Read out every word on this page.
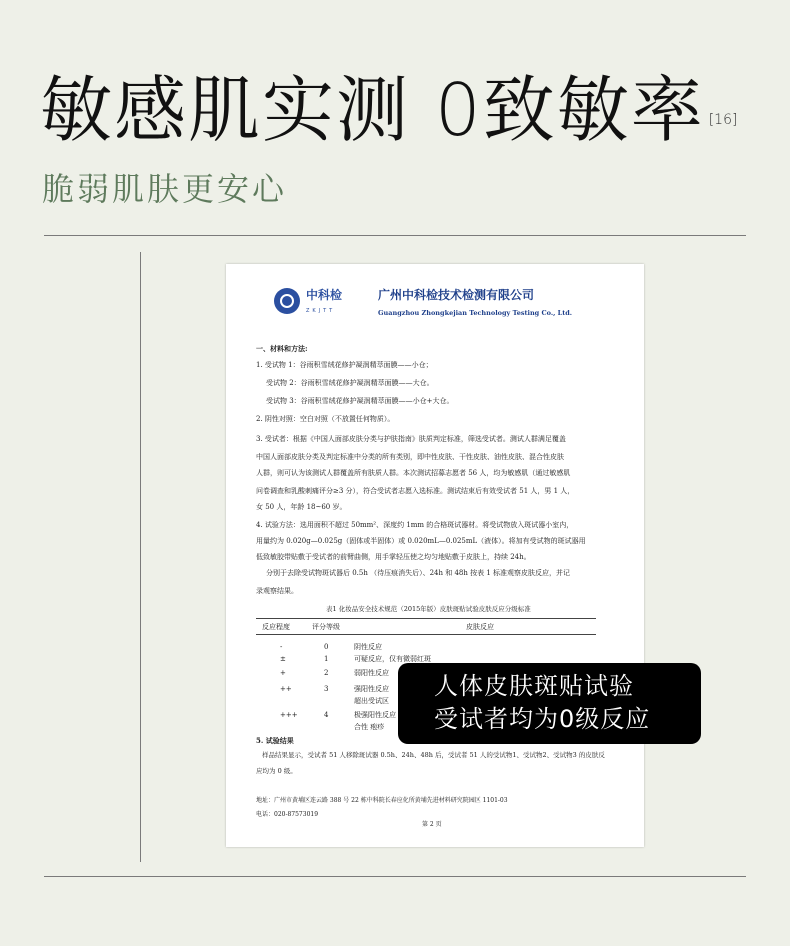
敏感肌实测 0致敏率 [16]
脆弱肌肤更安心
中科检
ZKJTT
广州中科检技术检测有限公司
Guangzhou Zhongkejian Technology Testing Co., Ltd.
一、材料和方法:
1. 受试物 1：谷雨积雪绒花修护凝润精萃面膜——小仓；
受试物 2：谷雨积雪绒花修护凝润精萃面膜——大仓。
受试物 3：谷雨积雪绒花修护凝润精萃面膜——小仓+大仓。
2. 阴性对照：空白对照（不放置任何物质）。
3. 受试者：根据《中国人面部皮肤分类与护肤指南》肤质判定标准，筛选受试者。测试人群满足覆盖
中国人面部皮肤分类及判定标准中分类的所有类别，即中性皮肤、干性皮肤、油性皮肤、混合性皮肤
人群，则可认为该测试人群覆盖所有肤质人群。本次测试招募志愿者 56 人，均为敏感肌（通过敏感肌
问卷调查和乳酸刺痛评分≥3 分），符合受试者志愿入选标准。测试结束后有效受试者 51 人，男 1 人，
女 50 人，年龄 18~60 岁。
4. 试验方法：选用面积不超过 50mm²、深度约 1mm 的合格斑试器材。将受试物放入斑试器小室内，
用量约为 0.020g—0.025g（固体或半固体）或 0.020mL—0.025mL（液体）。将加有受试物的斑试器用
低致敏胶带贴敷于受试者的前臂曲侧，用手掌轻压使之均匀地贴敷于皮肤上，持续 24h。
分别于去除受试物斑试器后 0.5h （待压痕消失后）、24h 和 48h 按表 1 标准观察皮肤反应，并记
录观察结果。
表1 化妆品安全技术规范（2015年版）皮肤斑贴试验皮肤反应分级标准
反应程度	评分等级	皮肤反应
-	0	阴性反应
±	1	可疑反应，仅有微弱红斑
+	2	弱阳性反应
++	3	强阳性反应
超出受试区
+++	4	极强阳性反应
合性 疱疹
5. 试验结果
样品结果显示，受试者 51 人移除斑试器 0.5h、24h、48h 后，受试者 51 人的受试物1、受试物2、受试物3 的皮肤反
应均为 0 级。
地址：广州市黄埔区连云路 388 号 22 栋中科院长春应化所黄埔先进材料研究院园区 1101-03
电话：020-87573019
第 2 页
人体皮肤斑贴试验
受试者均为0级反应
